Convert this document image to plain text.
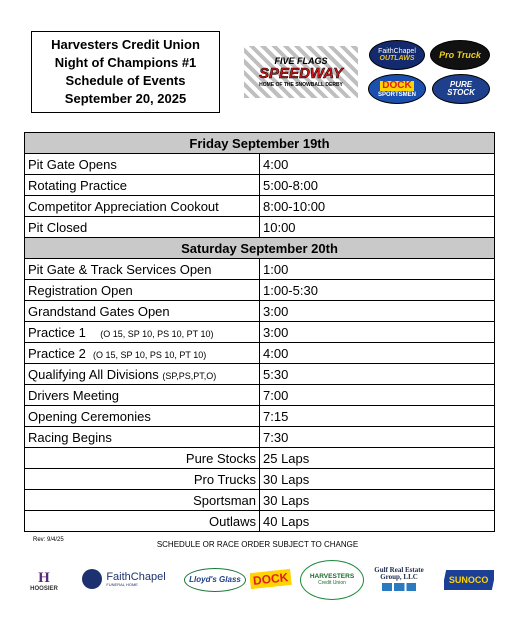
Harvesters Credit Union
Night of Champions #1
Schedule of Events
September 20, 2025
FIVE FLAGS
SPEEDWAY
HOME OF THE SNOWBALL DERBY
FaithChapel
OUTLAWS	Pro Truck
DOCK
SPORTSMEN
PURE
STOCK
Friday September 19th	
Pit Gate Opens	4:00
Rotating Practice	5:00-8:00
Competitor Appreciation Cookout	8:00-10:00
Pit Closed	10:00
Saturday September 20th	
Pit Gate & Track Services Open	1:00
Registration Open	1:00-5:30
Grandstand Gates Open	3:00
Practice 1 (O 15, SP 10, PS 10, PT 10)	3:00
Practice 2 (O 15, SP 10, PS 10, PT 10)	4:00
Qualifying All Divisions (SP,PS,PT,O)	5:30
Drivers Meeting	7:00
Opening Ceremonies	7:15
Racing Begins	7:30
Pure Stocks	25 Laps
Pro Trucks	30 Laps
Sportsman	30 Laps
Outlaws	40 Laps
Rev: 9/4/25	SCHEDULE OR RACE ORDER SUBJECT TO CHANGE
H
HOOSIER
FaithChapel
FUNERAL HOME	Lloyd's Glass DOCK	HARVESTERS
Credit Union
Gulf Real Estate
Group, LLC	SUNOCO
